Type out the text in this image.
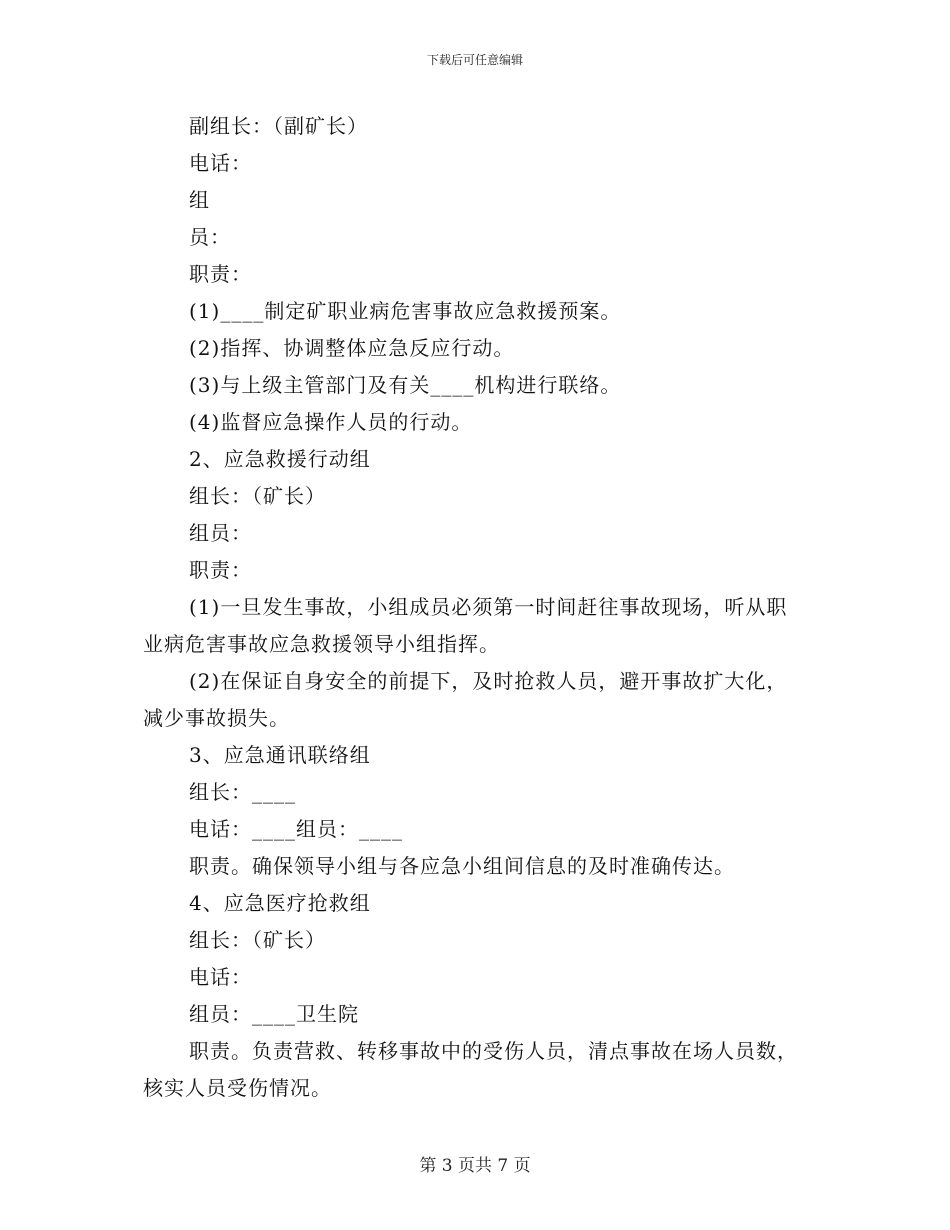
下载后可任意编辑
副组长：（副矿长）
电话：
组
员：
职责：
(1)____制定矿职业病危害事故应急救援预案。
(2)指挥、协调整体应急反应行动。
(3)与上级主管部门及有关____机构进行联络。
(4)监督应急操作人员的行动。
2、应急救援行动组
组长：（矿长）
组员：
职责：
(1)一旦发生事故，小组成员必须第一时间赶往事故现场，听从职
业病危害事故应急救援领导小组指挥。
(2)在保证自身安全的前提下，及时抢救人员，避开事故扩大化，
减少事故损失。
3、应急通讯联络组
组长：____
电话：____组员：____
职责。确保领导小组与各应急小组间信息的及时准确传达。
4、应急医疗抢救组
组长：（矿长）
电话：
组员：____卫生院
职责。负责营救、转移事故中的受伤人员，清点事故在场人员数，
核实人员受伤情况。
第 3 页共 7 页
